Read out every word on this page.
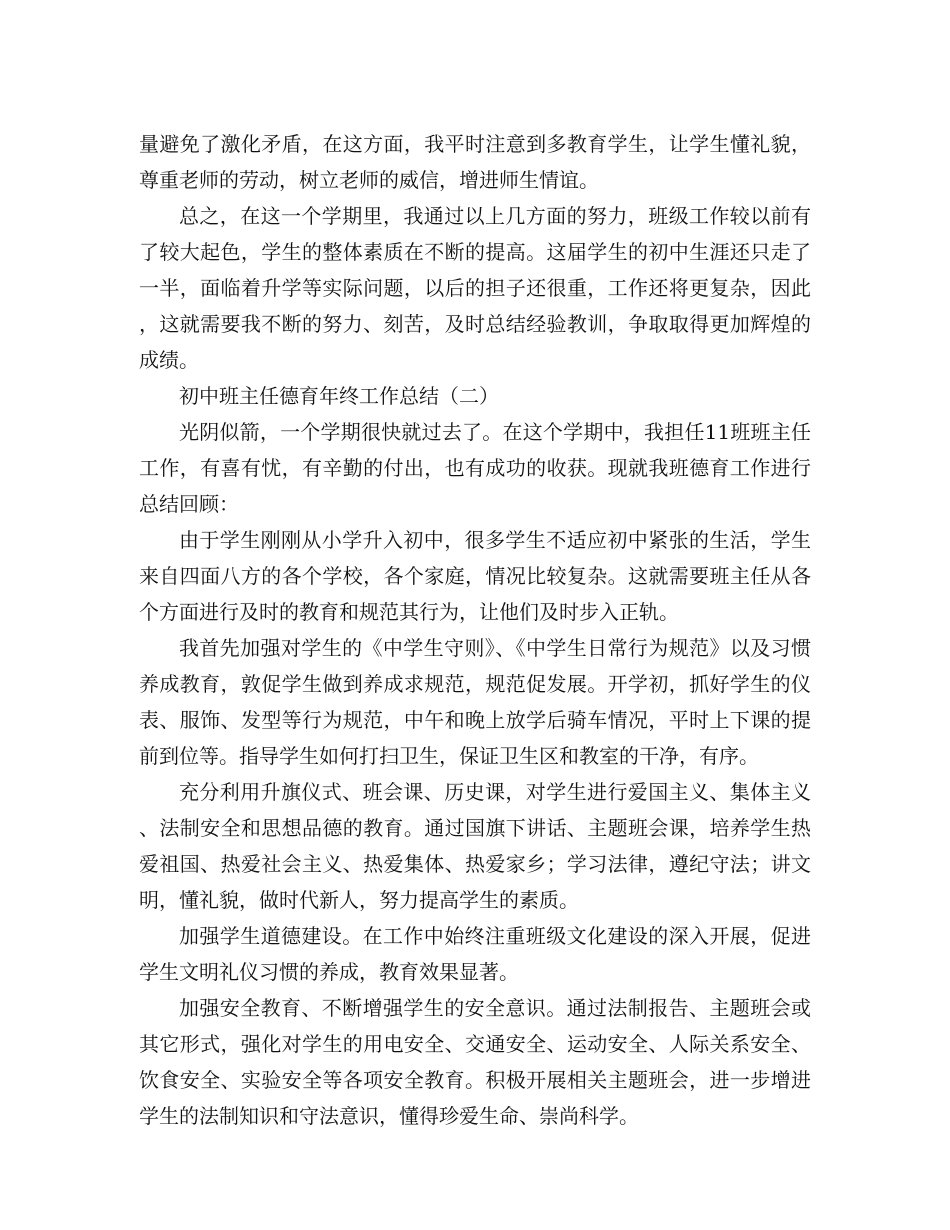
量避免了激化矛盾，在这方面，我平时注意到多教育学生，让学生懂礼貌，尊重老师的劳动，树立老师的威信，增进师生情谊。

总之，在这一个学期里，我通过以上几方面的努力，班级工作较以前有了较大起色，学生的整体素质在不断的提高。这届学生的初中生涯还只走了一半，面临着升学等实际问题，以后的担子还很重，工作还将更复杂，因此，这就需要我不断的努力、刻苦，及时总结经验教训，争取取得更加辉煌的成绩。

初中班主任德育年终工作总结（二）

光阴似箭，一个学期很快就过去了。在这个学期中，我担任11班班主任工作，有喜有忧，有辛勤的付出，也有成功的收获。现就我班德育工作进行总结回顾：

由于学生刚刚从小学升入初中，很多学生不适应初中紧张的生活，学生来自四面八方的各个学校，各个家庭，情况比较复杂。这就需要班主任从各个方面进行及时的教育和规范其行为，让他们及时步入正轨。

我首先加强对学生的《中学生守则》、《中学生日常行为规范》以及习惯养成教育，敦促学生做到养成求规范，规范促发展。开学初，抓好学生的仪表、服饰、发型等行为规范，中午和晚上放学后骑车情况，平时上下课的提前到位等。指导学生如何打扫卫生，保证卫生区和教室的干净，有序。

充分利用升旗仪式、班会课、历史课，对学生进行爱国主义、集体主义、法制安全和思想品德的教育。通过国旗下讲话、主题班会课，培养学生热爱祖国、热爱社会主义、热爱集体、热爱家乡；学习法律，遵纪守法；讲文明，懂礼貌，做时代新人，努力提高学生的素质。

加强学生道德建设。在工作中始终注重班级文化建设的深入开展，促进学生文明礼仪习惯的养成，教育效果显著。

加强安全教育、不断增强学生的安全意识。通过法制报告、主题班会或其它形式，强化对学生的用电安全、交通安全、运动安全、人际关系安全、饮食安全、实验安全等各项安全教育。积极开展相关主题班会，进一步增进学生的法制知识和守法意识，懂得珍爱生命、崇尚科学。
